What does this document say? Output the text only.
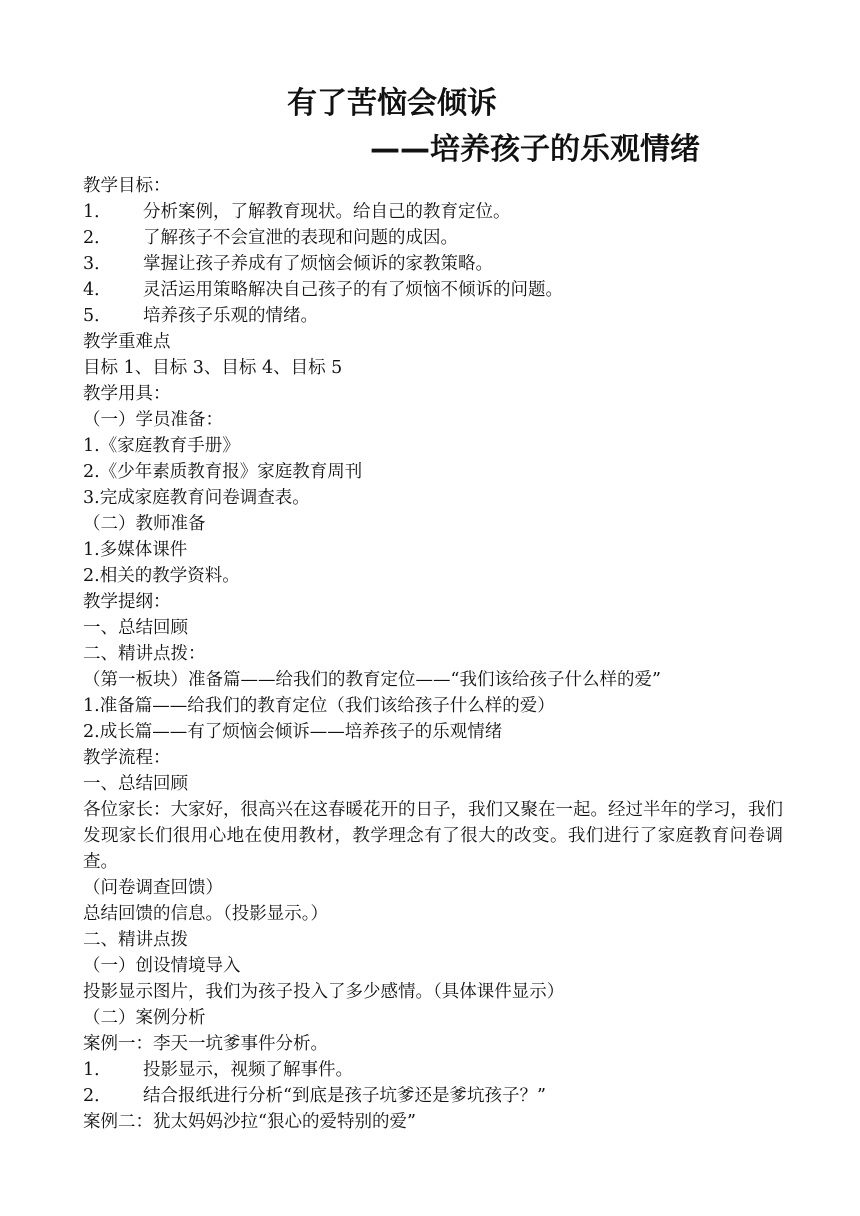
有了苦恼会倾诉
——培养孩子的乐观情绪
教学目标：
1．	分析案例，了解教育现状。给自己的教育定位。
2．	了解孩子不会宣泄的表现和问题的成因。
3．	掌握让孩子养成有了烦恼会倾诉的家教策略。
4．	灵活运用策略解决自己孩子的有了烦恼不倾诉的问题。
5．	培养孩子乐观的情绪。
教学重难点
目标 1、目标 3、目标 4、目标 5
教学用具：
（一）学员准备：
1.《家庭教育手册》
2.《少年素质教育报》家庭教育周刊
3.完成家庭教育问卷调查表。
（二）教师准备
1.多媒体课件
2.相关的教学资料。
教学提纲：
一、总结回顾
二、精讲点拨：
（第一板块）准备篇——给我们的教育定位——“我们该给孩子什么样的爱”
1.准备篇——给我们的教育定位（我们该给孩子什么样的爱）
2.成长篇——有了烦恼会倾诉——培养孩子的乐观情绪
教学流程：
一、总结回顾
各位家长：大家好，很高兴在这春暖花开的日子，我们又聚在一起。经过半年的学习，我们发现家长们很用心地在使用教材，教学理念有了很大的改变。我们进行了家庭教育问卷调查。
（问卷调查回馈）
总结回馈的信息。（投影显示。）
二、精讲点拨
（一）创设情境导入
投影显示图片，我们为孩子投入了多少感情。（具体课件显示）
（二）案例分析
案例一：李天一坑爹事件分析。
1．	投影显示，视频了解事件。
2．	结合报纸进行分析“到底是孩子坑爹还是爹坑孩子？”
案例二：犹太妈妈沙拉“狠心的爱特别的爱”
